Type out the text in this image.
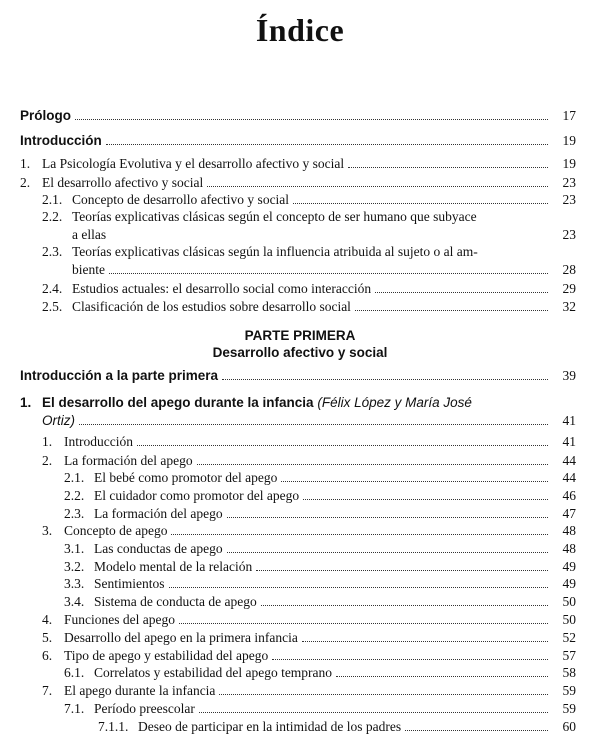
Índice
Prólogo	17
Introducción	19
1. La Psicología Evolutiva y el desarrollo afectivo y social	19
2. El desarrollo afectivo y social	23
2.1. Concepto de desarrollo afectivo y social	23
2.2. Teorías explicativas clásicas según el concepto de ser humano que subyace
a ellas	23
2.3. Teorías explicativas clásicas según la influencia atribuida al sujeto o al am-
biente	28
2.4. Estudios actuales: el desarrollo social como interacción	29
2.5. Clasificación de los estudios sobre desarrollo social	32
PARTE PRIMERA
Desarrollo afectivo y social
Introducción a la parte primera	39
1. El desarrollo del apego durante la infancia (Félix López y María José
Ortiz)	41
1. Introducción	41
2. La formación del apego	44
2.1. El bebé como promotor del apego	44
2.2. El cuidador como promotor del apego	46
2.3. La formación del apego	47
3. Concepto de apego	48
3.1. Las conductas de apego	48
3.2. Modelo mental de la relación	49
3.3. Sentimientos	49
3.4. Sistema de conducta de apego	50
4. Funciones del apego	50
5. Desarrollo del apego en la primera infancia	52
6. Tipo de apego y estabilidad del apego	57
6.1. Correlatos y estabilidad del apego temprano	58
7. El apego durante la infancia	59
7.1. Período preescolar	59
7.1.1. Deseo de participar en la intimidad de los padres	60
